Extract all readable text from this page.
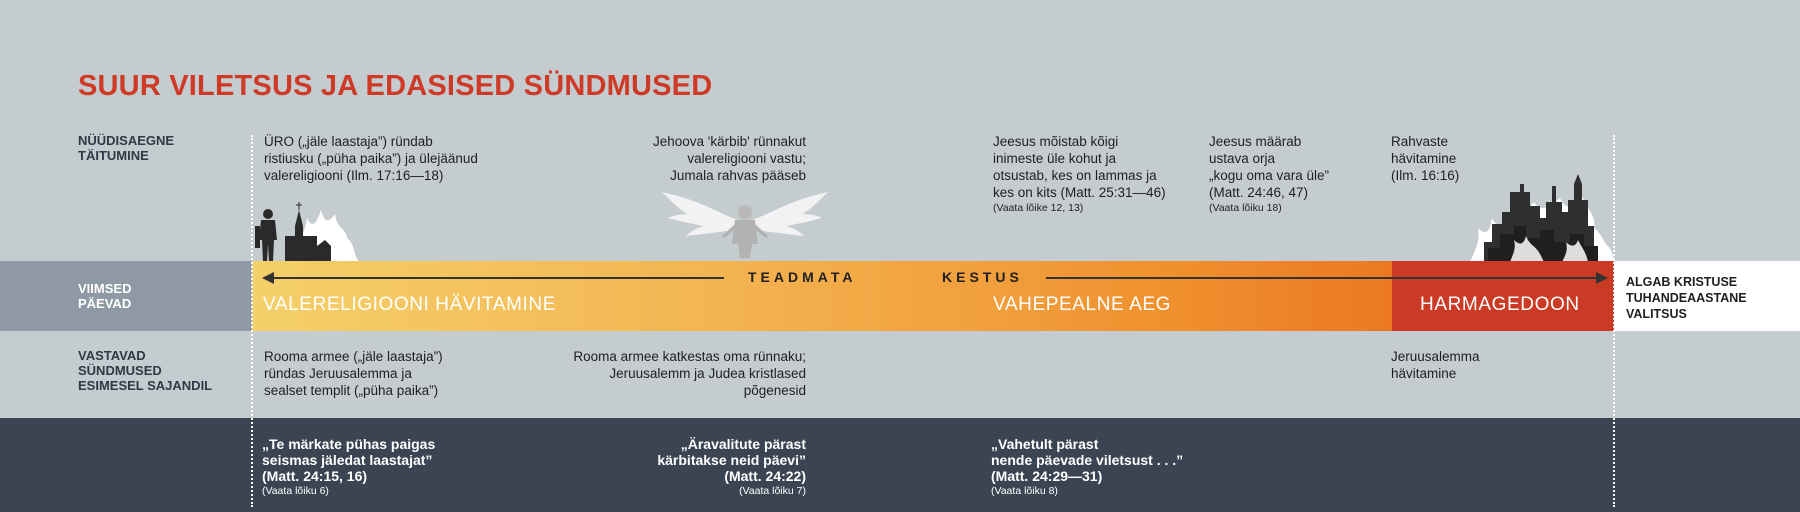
SUUR VILETSUS JA EDASISED SÜNDMUSED
NÜÜDISAEGNE
TÄITUMINE
ÜRO („jäle laastaja”) ründab
ristiusku („püha paika”) ja ülejäänud
valereligiooni (Ilm. 17:16—18)
Jehoova 'kärbib' rünnakut
valereligiooni vastu;
Jumala rahvas pääseb
Jeesus mõistab kõigi
inimeste üle kohut ja
otsustab, kes on lammas ja
kes on kits (Matt. 25:31—46)
(Vaata lõike 12, 13)
Jeesus määrab
ustava orja
„kogu oma vara üle”
(Matt. 24:46, 47)
(Vaata lõiku 18)
Rahvaste
hävitamine
(Ilm. 16:16)
VIIMSED
PÄEVAD
TEADMATA	KESTUS
VALERELIGIOONI HÄVITAMINE	VAHEPEALNE AEG	HARMAGEDOON
ALGAB KRISTUSE
TUHANDEAASTANE
VALITSUS
VASTAVAD
SÜNDMUSED
ESIMESEL SAJANDIL
Rooma armee („jäle laastaja”)
ründas Jeruusalemma ja
sealset templit („püha paika”)
Rooma armee katkestas oma rünnaku;
Jeruusalemm ja Judea kristlased
põgenesid
Jeruusalemma
hävitamine
„Te märkate pühas paigas
seismas jäledat laastajat”
(Matt. 24:15, 16)
(Vaata lõiku 6)
„Äravalitute pärast
kärbitakse neid päevi”
(Matt. 24:22)
(Vaata lõiku 7)
„Vahetult pärast
nende päevade viletsust . . .”
(Matt. 24:29—31)
(Vaata lõiku 8)
